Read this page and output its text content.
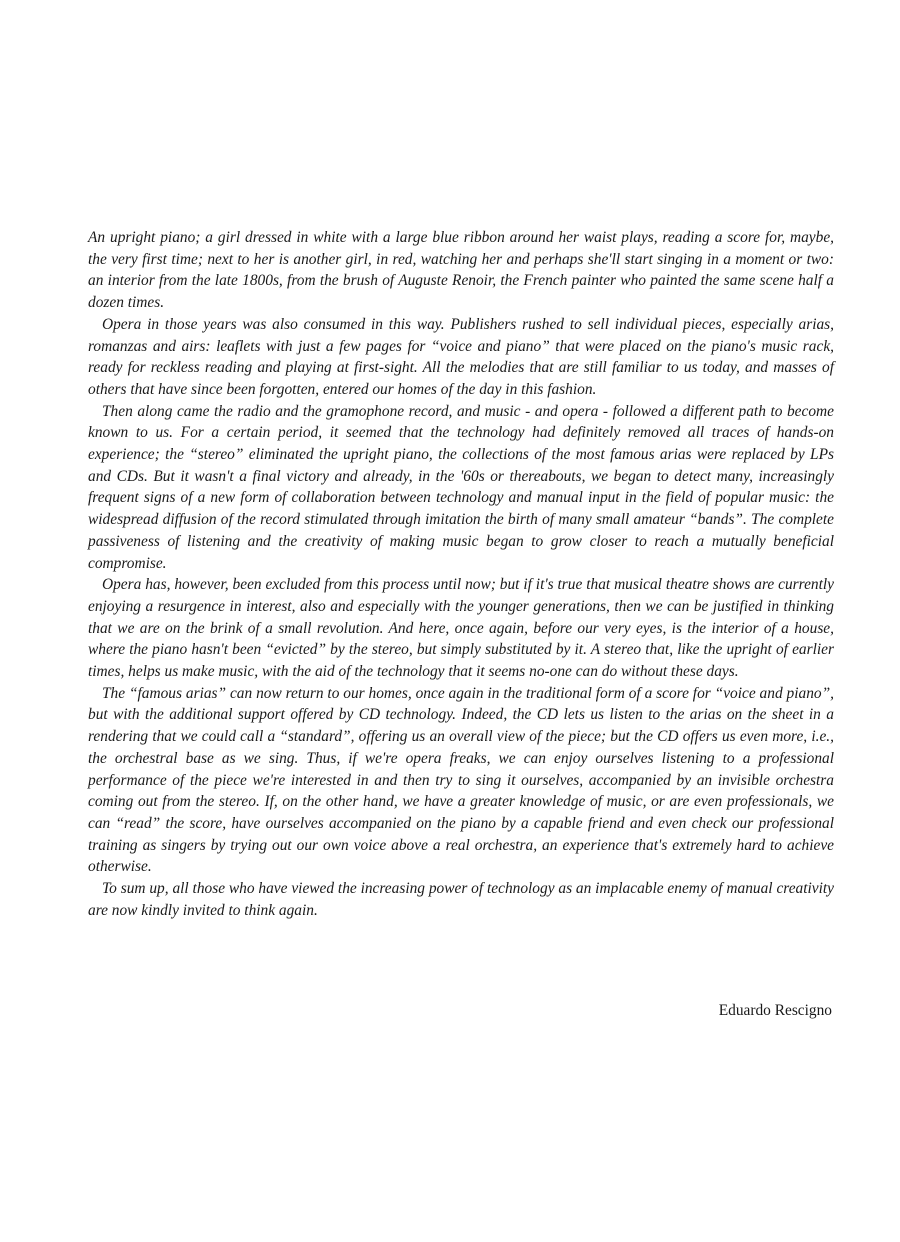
An upright piano; a girl dressed in white with a large blue ribbon around her waist plays, reading a score for, maybe, the very first time; next to her is another girl, in red, watching her and perhaps she'll start singing in a moment or two: an interior from the late 1800s, from the brush of Auguste Renoir, the French painter who painted the same scene half a dozen times.

Opera in those years was also consumed in this way. Publishers rushed to sell individual pieces, especially arias, romanzas and airs: leaflets with just a few pages for “voice and piano” that were placed on the piano's music rack, ready for reckless reading and playing at first-sight. All the melodies that are still familiar to us today, and masses of others that have since been forgotten, entered our homes of the day in this fashion.

Then along came the radio and the gramophone record, and music - and opera - followed a different path to become known to us. For a certain period, it seemed that the technology had definitely removed all traces of hands-on experience; the “stereo” eliminated the upright piano, the collections of the most famous arias were replaced by LPs and CDs. But it wasn't a final victory and already, in the '60s or thereabouts, we began to detect many, increasingly frequent signs of a new form of collaboration between technology and manual input in the field of popular music: the widespread diffusion of the record stimulated through imitation the birth of many small amateur “bands”. The complete passiveness of listening and the creativity of making music began to grow closer to reach a mutually beneficial compromise.

Opera has, however, been excluded from this process until now; but if it's true that musical theatre shows are currently enjoying a resurgence in interest, also and especially with the younger generations, then we can be justified in thinking that we are on the brink of a small revolution. And here, once again, before our very eyes, is the interior of a house, where the piano hasn't been “evicted” by the stereo, but simply substituted by it. A stereo that, like the upright of earlier times, helps us make music, with the aid of the technology that it seems no-one can do without these days.

The “famous arias” can now return to our homes, once again in the traditional form of a score for “voice and piano”, but with the additional support offered by CD technology. Indeed, the CD lets us listen to the arias on the sheet in a rendering that we could call a “standard”, offering us an overall view of the piece; but the CD offers us even more, i.e., the orchestral base as we sing. Thus, if we're opera freaks, we can enjoy ourselves listening to a professional performance of the piece we're interested in and then try to sing it ourselves, accompanied by an invisible orchestra coming out from the stereo. If, on the other hand, we have a greater knowledge of music, or are even professionals, we can “read” the score, have ourselves accompanied on the piano by a capable friend and even check our professional training as singers by trying out our own voice above a real orchestra, an experience that's extremely hard to achieve otherwise.

To sum up, all those who have viewed the increasing power of technology as an implacable enemy of manual creativity are now kindly invited to think again.

Eduardo Rescigno
